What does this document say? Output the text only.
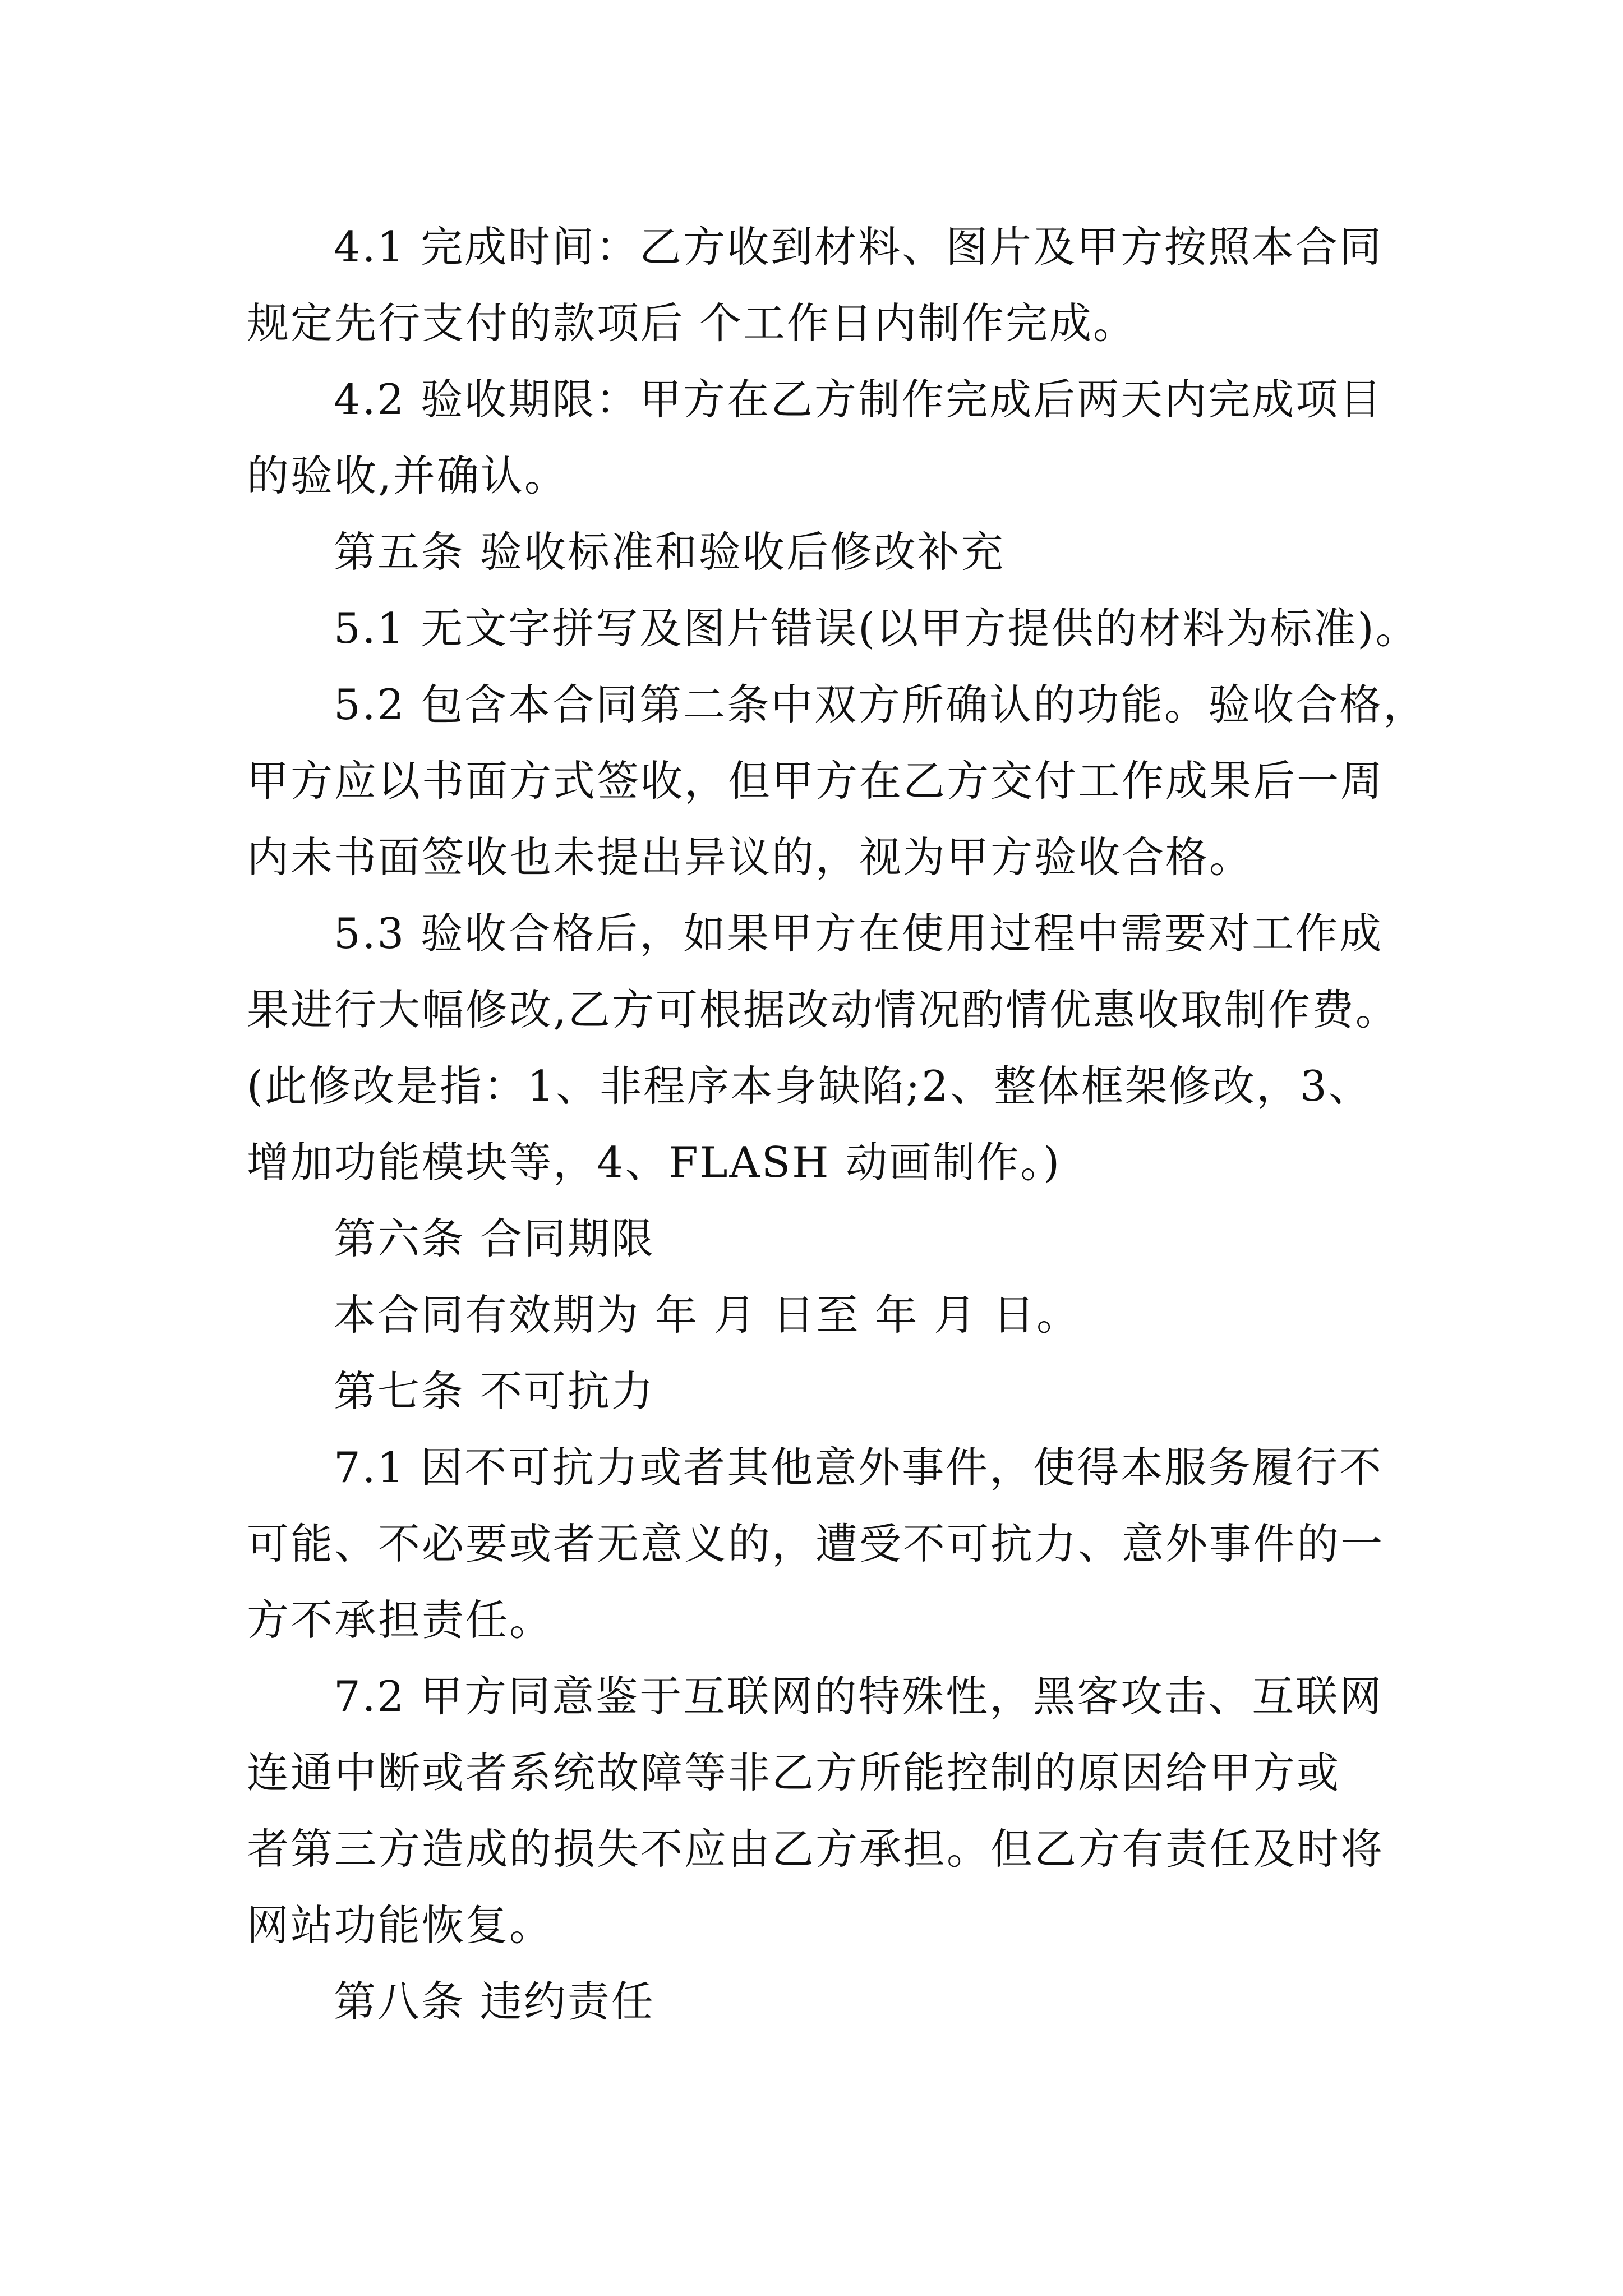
4.1 完成时间：乙方收到材料、图片及甲方按照本合同

规定先行支付的款项后 个工作日内制作完成。

4.2 验收期限：甲方在乙方制作完成后两天内完成项目

的验收,并确认。

第五条 验收标准和验收后修改补充

5.1 无文字拼写及图片错误(以甲方提供的材料为标准)。

5.2 包含本合同第二条中双方所确认的功能。验收合格，

甲方应以书面方式签收，但甲方在乙方交付工作成果后一周

内未书面签收也未提出异议的，视为甲方验收合格。

5.3 验收合格后，如果甲方在使用过程中需要对工作成

果进行大幅修改,乙方可根据改动情况酌情优惠收取制作费。

(此修改是指：1、非程序本身缺陷;2、整体框架修改，3、

增加功能模块等，4、FLASH 动画制作。)

第六条 合同期限

本合同有效期为 年 月 日至 年 月 日。

第七条 不可抗力

7.1 因不可抗力或者其他意外事件，使得本服务履行不

可能、不必要或者无意义的，遭受不可抗力、意外事件的一

方不承担责任。

7.2 甲方同意鉴于互联网的特殊性，黑客攻击、互联网

连通中断或者系统故障等非乙方所能控制的原因给甲方或

者第三方造成的损失不应由乙方承担。但乙方有责任及时将

网站功能恢复。

第八条 违约责任
